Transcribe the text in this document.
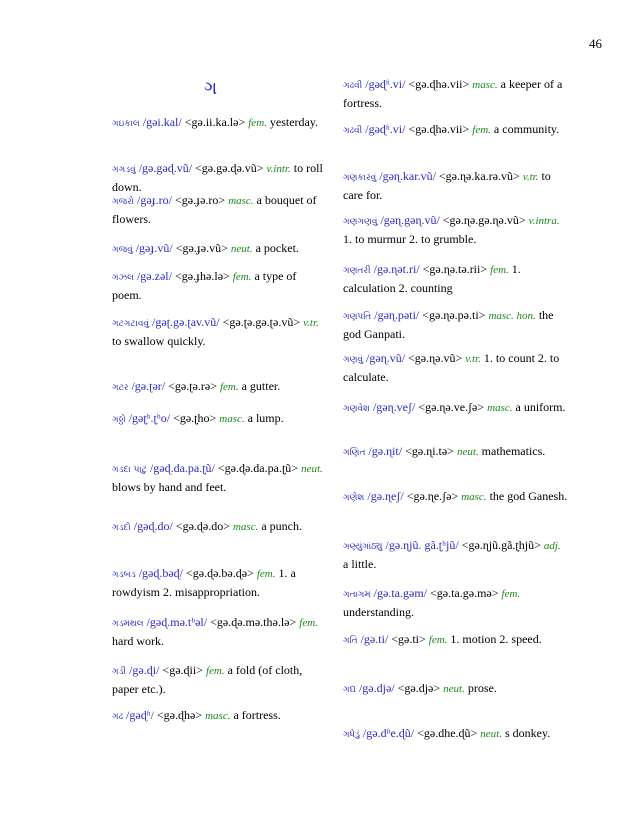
46
ગ
ગઇકાલ /gəi.kal/ <gə.ii.ka.lə> fem. yesterday.
ગગડવું /gə.gəɖ.vũ/ <gə.gə.ɖə.vũ> v.intr. to roll down.
ગજરો /gəɟ.ro/ <gə.ɟə.ro> masc. a bouquet of flowers.
ગજવું /gəɟ.vũ/ <gə.ɟə.vũ> neut. a pocket.
ગઝલ /gə.zəl/ <gə.ɟhə.lə> fem. a type of poem.
ગટગટાવવું /gəʈ.gə.ʈav.vũ/ <gə.ʈə.gə.ʈə.vũ> v.tr. to swallow quickly.
ગટર /gə.ʈər/ <gə.ʈə.rə> fem. a gutter.
ગઠ્ઠો /gəʈ̣ʰ.ʈ̣ʰo/ <gə.ʈ̣ho> masc. a lump.
ગડદા પાટું /gəɖ.da.pa.ʈ̣ũ/ <gə.ɖə.da.pa.ʈ̣ũ> neut. blows by hand and feet.
ગડદો /gəɖ.do/ <gə.ɖə.do> masc. a punch.
ગડબડ /gəɖ.bəɖ/ <gə.ɖə.bə.ɖə> fem. 1. a rowdyism 2. misappropriation.
ગડમથલ /gəɖ.mə.tʰəl/ <gə.ɖə.mə.thə.lə> fem. hard work.
ગડી /gə.ɖi/ <gə.ɖii> fem. a fold (of cloth, paper etc.).
ગઢ /gəɖʱ/ <gə.ɖhə> masc. a fortress.
ગઢવી /gəɖʱ.vi/ <gə.ɖhə.vii> masc. a keeper of a fortress.
ગઢવી /gəɖʱ.vi/ <gə.ɖhə.vii> fem. a community.
ગણકારવું /gəɳ.kar.vũ/ <gə.ɳə.ka.rə.vũ> v.tr. to care for.
ગણગણવું /gəɳ.gəɳ.vũ/ <gə.ɳə.gə.ɳə.vũ> v.intra. 1. to murmur 2. to grumble.
ગણતરી /gə.ɳət.ri/ <gə.ɳə.tə.rii> fem. 1. calculation 2. counting
ગણપતિ /gəɳ.pəti/ <gə.ɳə.pə.ti> masc. hon. the god Ganpati.
ગણવું /gəɳ.vũ/ <gə.ɳə.vũ> v.tr. 1. to count 2. to calculate.
ગણવેશ /gəɳ.veʃ/ <gə.ɳə.ve.ʃə> masc. a uniform.
ગણિત /gə.ɳit/ <gə.ɳi.tə> neut. mathematics.
ગણેશ /gə.ɳeʃ/ <gə.ɳe.ʃə> masc. the god Ganesh.
ગણ્યુંગાંઠ્યું /gə.ɳjũ. gã.ʈ̣ʰjũ/ <gə.ɳjũ.gã.ʈ̣hjũ> adj. a little.
ગતાગમ /gə.ta.gəm/ <gə.ta.gə.mə> fem. understanding.
ગતિ /gə.ti/ <gə.ti> fem. 1. motion 2. speed.
ગદ્ય /gə.djə/ <gə.djə> neut. prose.
ગધેડું /gə.dʱe.ɖũ/ <gə.dhe.ɖũ> neut. s donkey.
